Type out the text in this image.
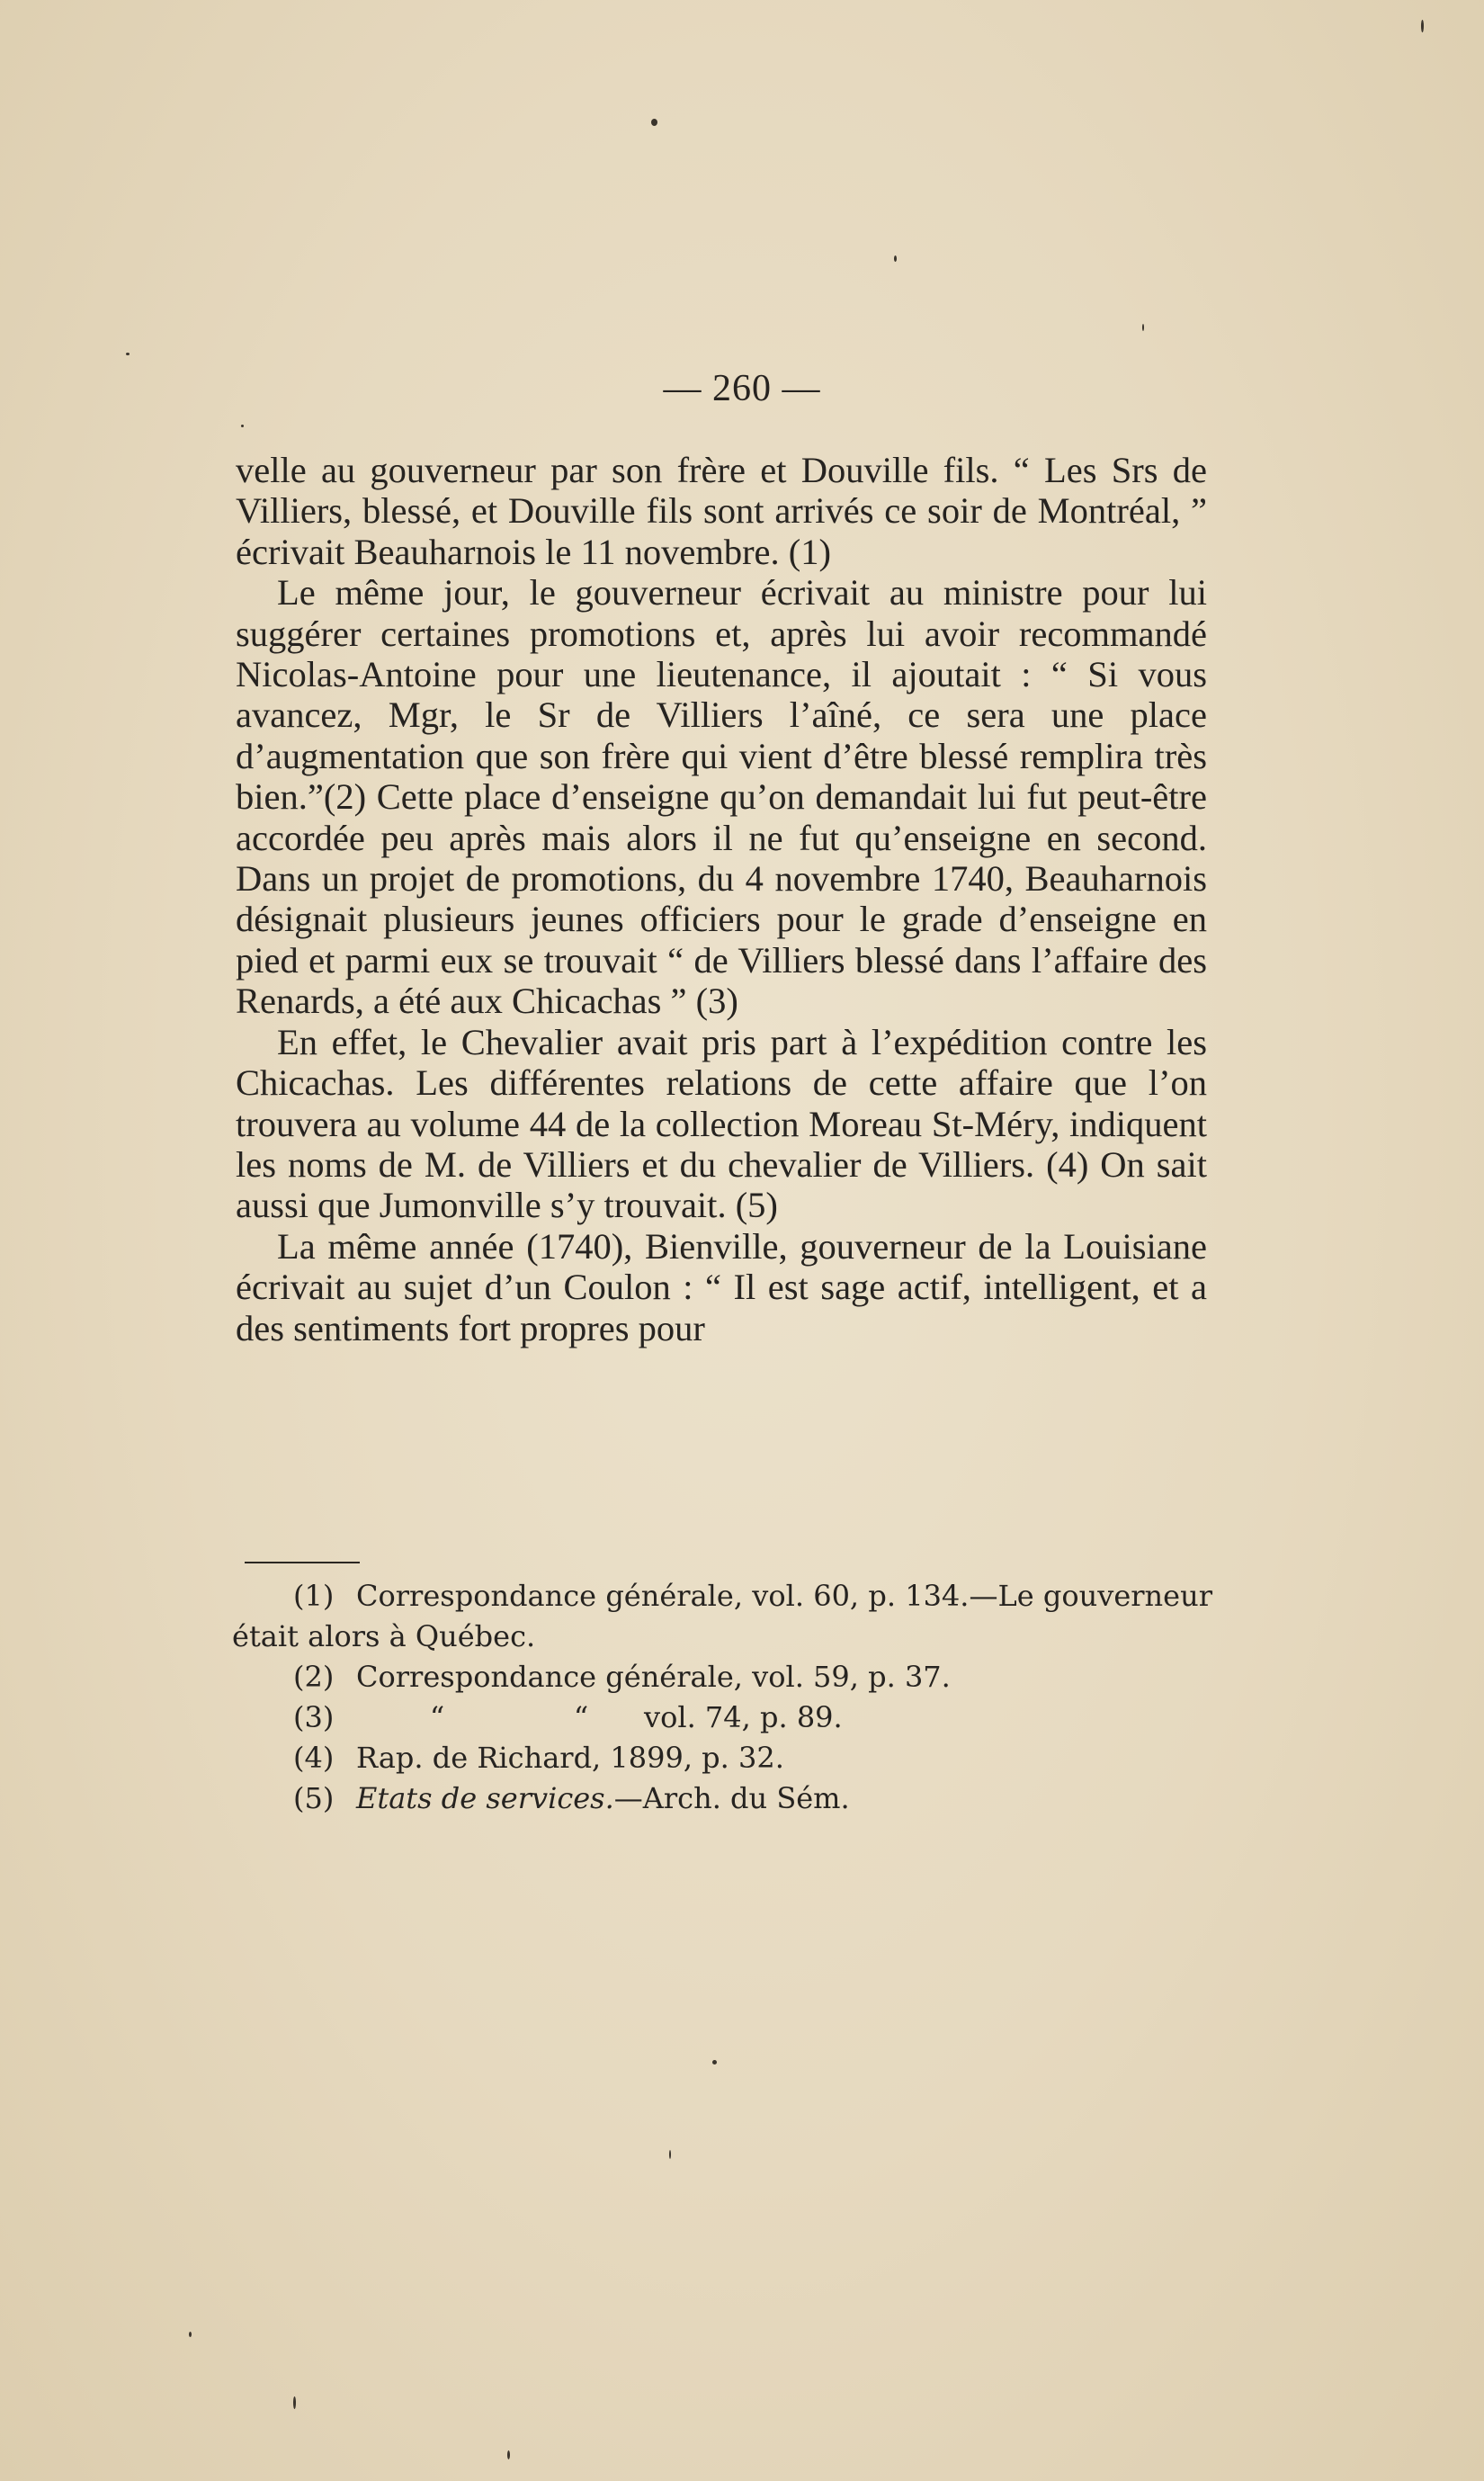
— 260 —

velle au gouverneur par son frère et Douville fils. “ Les Srs de Villiers, blessé, et Douville fils sont arrivés ce soir de Montréal, ” écrivait Beauharnois le 11 novembre. (1)

Le même jour, le gouverneur écrivait au ministre pour lui suggérer certaines promotions et, après lui avoir recommandé Nicolas-Antoine pour une lieutenance, il ajoutait : “ Si vous avancez, Mgr, le Sr de Villiers l’aîné, ce sera une place d’augmentation que son frère qui vient d’être blessé remplira très bien.”(2) Cette place d’enseigne qu’on demandait lui fut peut-être accordée peu après mais alors il ne fut qu’enseigne en second. Dans un projet de promotions, du 4 novembre 1740, Beauharnois désignait plusieurs jeunes officiers pour le grade d’enseigne en pied et parmi eux se trouvait “ de Villiers blessé dans l’affaire des Renards, a été aux Chicachas ” (3)

En effet, le Chevalier avait pris part à l’expédition contre les Chicachas. Les différentes relations de cette affaire que l’on trouvera au volume 44 de la collection Moreau St-Méry, indiquent les noms de M. de Villiers et du chevalier de Villiers. (4) On sait aussi que Jumonville s’y trouvait. (5)

La même année (1740), Bienville, gouverneur de la Louisiane écrivait au sujet d’un Coulon : “ Il est sage actif, intelligent, et a des sentiments fort propres pour

(1) Correspondance générale, vol. 60, p. 134.—Le gouverneur était alors à Québec.
(2) Correspondance générale, vol. 59, p. 37.
(3)	“	“ vol. 74, p. 89.
(4) Rap. de Richard, 1899, p. 32.
(5) Etats de services.—Arch. du Sém.
